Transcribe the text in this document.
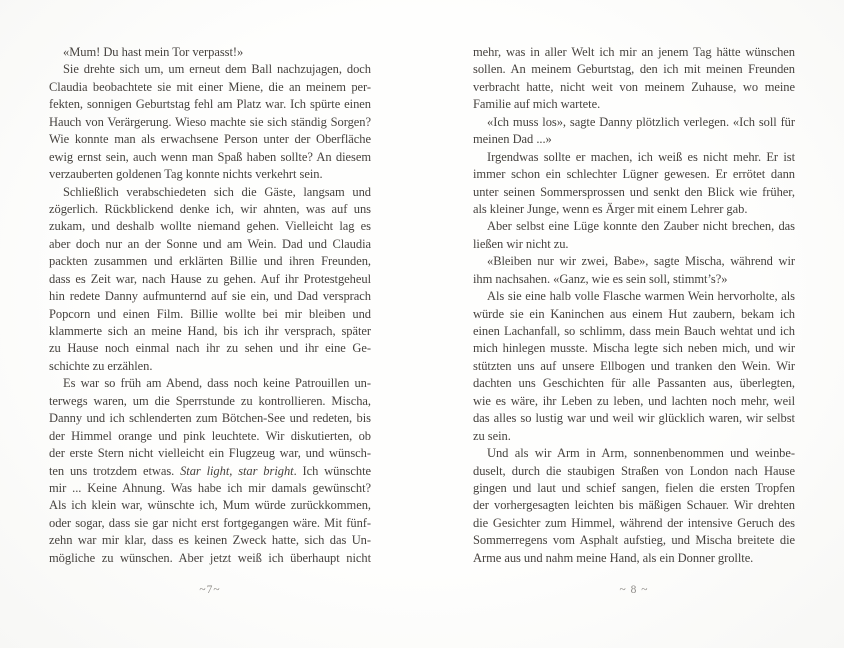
«Mum! Du hast mein Tor verpasst!»
Sie drehte sich um, um erneut dem Ball nachzujagen, doch
Claudia beobachtete sie mit einer Miene, die an meinem per-
fekten, sonnigen Geburtstag fehl am Platz war. Ich spürte einen
Hauch von Verärgerung. Wieso machte sie sich ständig Sorgen?
Wie konnte man als erwachsene Person unter der Oberfläche
ewig ernst sein, auch wenn man Spaß haben sollte? An diesem
verzauberten goldenen Tag konnte nichts verkehrt sein.
Schließlich verabschiedeten sich die Gäste, langsam und
zögerlich. Rückblickend denke ich, wir ahnten, was auf uns
zukam, und deshalb wollte niemand gehen. Vielleicht lag es
aber doch nur an der Sonne und am Wein. Dad und Claudia
packten zusammen und erklärten Billie und ihren Freunden,
dass es Zeit war, nach Hause zu gehen. Auf ihr Protestgeheul
hin redete Danny aufmunternd auf sie ein, und Dad versprach
Popcorn und einen Film. Billie wollte bei mir bleiben und
klammerte sich an meine Hand, bis ich ihr versprach, später
zu Hause noch einmal nach ihr zu sehen und ihr eine Ge-
schichte zu erzählen.
Es war so früh am Abend, dass noch keine Patrouillen un-
terwegs waren, um die Sperrstunde zu kontrollieren. Mischa,
Danny und ich schlenderten zum Bötchen-See und redeten, bis
der Himmel orange und pink leuchtete. Wir diskutierten, ob
der erste Stern nicht vielleicht ein Flugzeug war, und wünsch-
ten uns trotzdem etwas. Star light, star bright. Ich wünschte
mir ... Keine Ahnung. Was habe ich mir damals gewünscht?
Als ich klein war, wünschte ich, Mum würde zurückkommen,
oder sogar, dass sie gar nicht erst fortgegangen wäre. Mit fünf-
zehn war mir klar, dass es keinen Zweck hatte, sich das Un-
mögliche zu wünschen. Aber jetzt weiß ich überhaupt nicht
~7~
mehr, was in aller Welt ich mir an jenem Tag hätte wünschen
sollen. An meinem Geburtstag, den ich mit meinen Freunden
verbracht hatte, nicht weit von meinem Zuhause, wo meine
Familie auf mich wartete.
«Ich muss los», sagte Danny plötzlich verlegen. «Ich soll für
meinen Dad ...»
Irgendwas sollte er machen, ich weiß es nicht mehr. Er ist
immer schon ein schlechter Lügner gewesen. Er errötet dann
unter seinen Sommersprossen und senkt den Blick wie früher,
als kleiner Junge, wenn es Ärger mit einem Lehrer gab.
Aber selbst eine Lüge konnte den Zauber nicht brechen, das
ließen wir nicht zu.
«Bleiben nur wir zwei, Babe», sagte Mischa, während wir
ihm nachsahen. «Ganz, wie es sein soll, stimmt’s?»
Als sie eine halb volle Flasche warmen Wein hervorholte, als
würde sie ein Kaninchen aus einem Hut zaubern, bekam ich
einen Lachanfall, so schlimm, dass mein Bauch wehtat und ich
mich hinlegen musste. Mischa legte sich neben mich, und wir
stützten uns auf unsere Ellbogen und tranken den Wein. Wir
dachten uns Geschichten für alle Passanten aus, überlegten,
wie es wäre, ihr Leben zu leben, und lachten noch mehr, weil
das alles so lustig war und weil wir glücklich waren, wir selbst
zu sein.
Und als wir Arm in Arm, sonnenbenommen und weinbe-
duselt, durch die staubigen Straßen von London nach Hause
gingen und laut und schief sangen, fielen die ersten Tropfen
der vorhergesagten leichten bis mäßigen Schauer. Wir drehten
die Gesichter zum Himmel, während der intensive Geruch des
Sommerregens vom Asphalt aufstieg, und Mischa breitete die
Arme aus und nahm meine Hand, als ein Donner grollte.
~ 8 ~
